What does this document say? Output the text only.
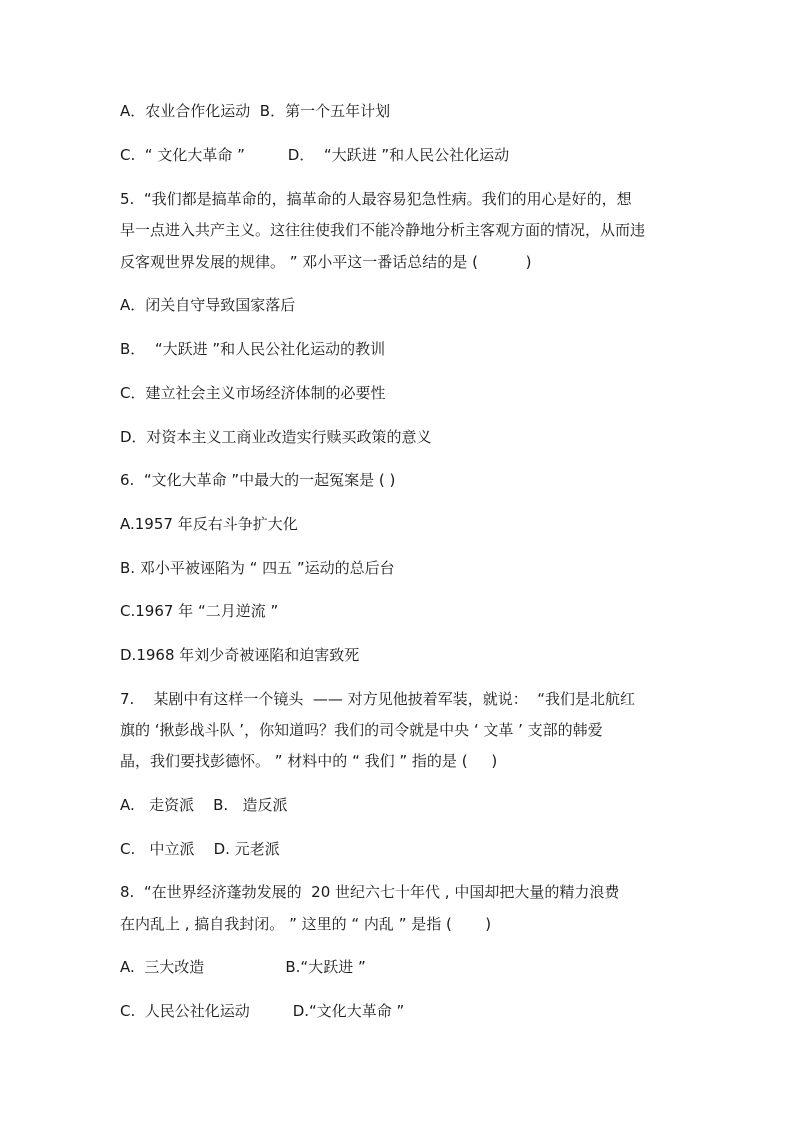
A．农业合作化运动  B．第一个五年计划
C.  “ 文化大革命 ”         D．  “大跃进 ”和人民公社化运动
5.  “我们都是搞革命的，搞革命的人最容易犯急性病。我们的用心是好的，想
早一点进入共产主义。这往往使我们不能冷静地分析主客观方面的情况，从而违
反客观世界发展的规律。 ” 邓小平这一番话总结的是 (          )
A．闭关自守导致国家落后
B．  “大跃进 ”和人民公社化运动的教训
C．建立社会主义市场经济体制的必要性
D．对资本主义工商业改造实行赎买政策的意义
6.  “文化大革命 ”中最大的一起冤案是 ( )
A.1957 年反右斗争扩大化
B. 邓小平被诬陷为 “ 四五 ”运动的总后台
C.1967 年 “二月逆流 ”
D.1968 年刘少奇被诬陷和迫害致死
7.    某剧中有这样一个镜头  —— 对方见他披着军装，就说：  “我们是北航红
旗的 ‘揪彭战斗队 ’，你知道吗？我们的司令就是中央 ‘ 文革 ’ 支部的韩爱
晶，我们要找彭德怀。 ” 材料中的 “ 我们 ” 指的是 (     )
A.   走资派    B.   造反派
C.   中立派    D. 元老派
8.  “在世界经济蓬勃发展的  20 世纪六七十年代 , 中国却把大量的精力浪费
在内乱上 , 搞自我封闭。 ” 这里的 “ 内乱 ” 是指 (       )
A.  三大改造                 B.“大跃进 ”
C.  人民公社化运动         D.“文化大革命 ”
